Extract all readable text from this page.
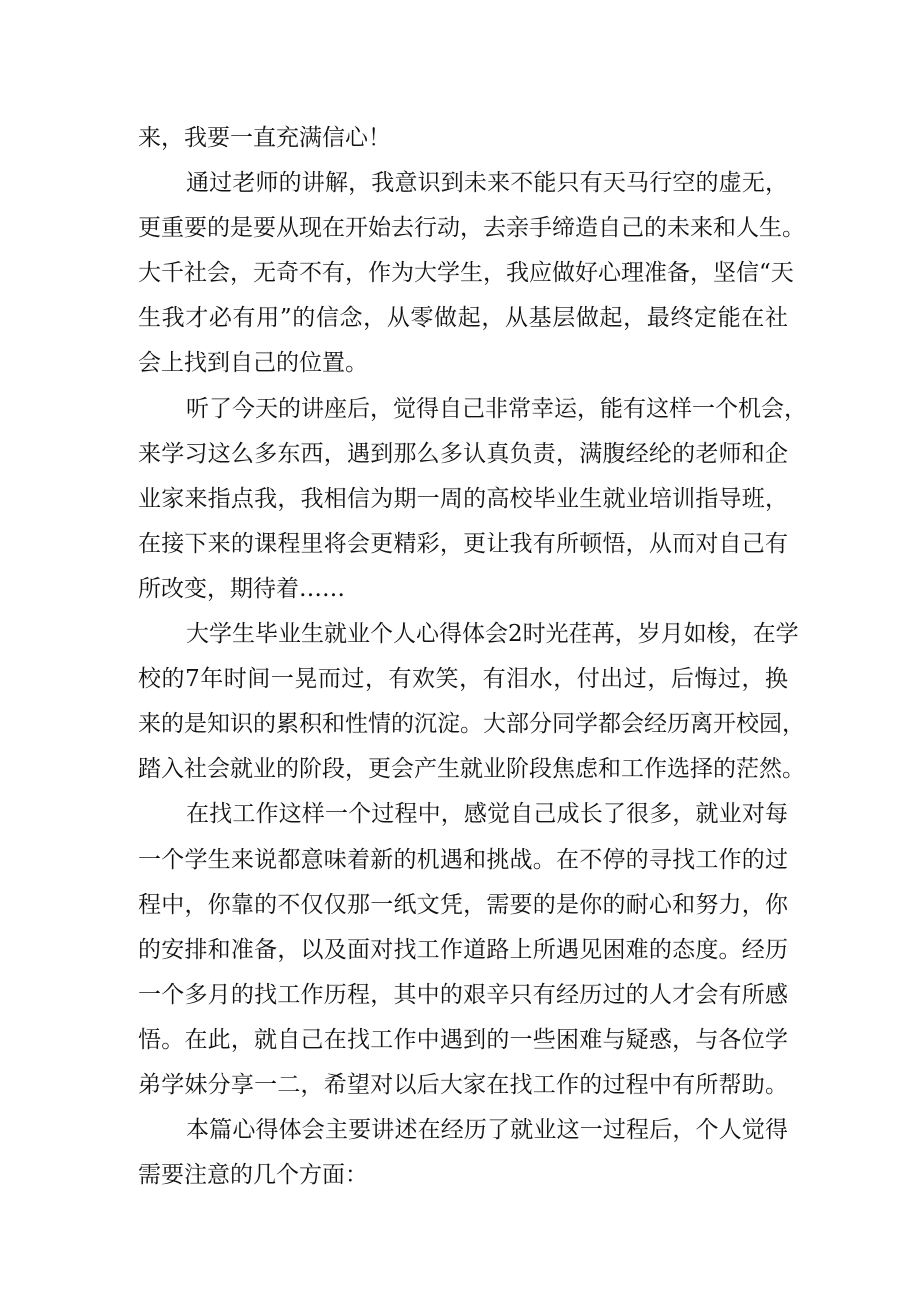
来，我要一直充满信心！
通过老师的讲解，我意识到未来不能只有天马行空的虚无，
更重要的是要从现在开始去行动，去亲手缔造自己的未来和人生。
大千社会，无奇不有，作为大学生，我应做好心理准备，坚信“天
生我才必有用”的信念，从零做起，从基层做起，最终定能在社
会上找到自己的位置。
听了今天的讲座后，觉得自己非常幸运，能有这样一个机会，
来学习这么多东西，遇到那么多认真负责，满腹经纶的老师和企
业家来指点我，我相信为期一周的高校毕业生就业培训指导班，
在接下来的课程里将会更精彩，更让我有所顿悟，从而对自己有
所改变，期待着……
大学生毕业生就业个人心得体会2时光荏苒，岁月如梭，在学
校的7年时间一晃而过，有欢笑，有泪水，付出过，后悔过，换
来的是知识的累积和性情的沉淀。大部分同学都会经历离开校园，
踏入社会就业的阶段，更会产生就业阶段焦虑和工作选择的茫然。
在找工作这样一个过程中，感觉自己成长了很多，就业对每
一个学生来说都意味着新的机遇和挑战。在不停的寻找工作的过
程中，你靠的不仅仅那一纸文凭，需要的是你的耐心和努力，你
的安排和准备，以及面对找工作道路上所遇见困难的态度。经历
一个多月的找工作历程，其中的艰辛只有经历过的人才会有所感
悟。在此，就自己在找工作中遇到的一些困难与疑惑，与各位学
弟学妹分享一二，希望对以后大家在找工作的过程中有所帮助。
本篇心得体会主要讲述在经历了就业这一过程后，个人觉得
需要注意的几个方面：
